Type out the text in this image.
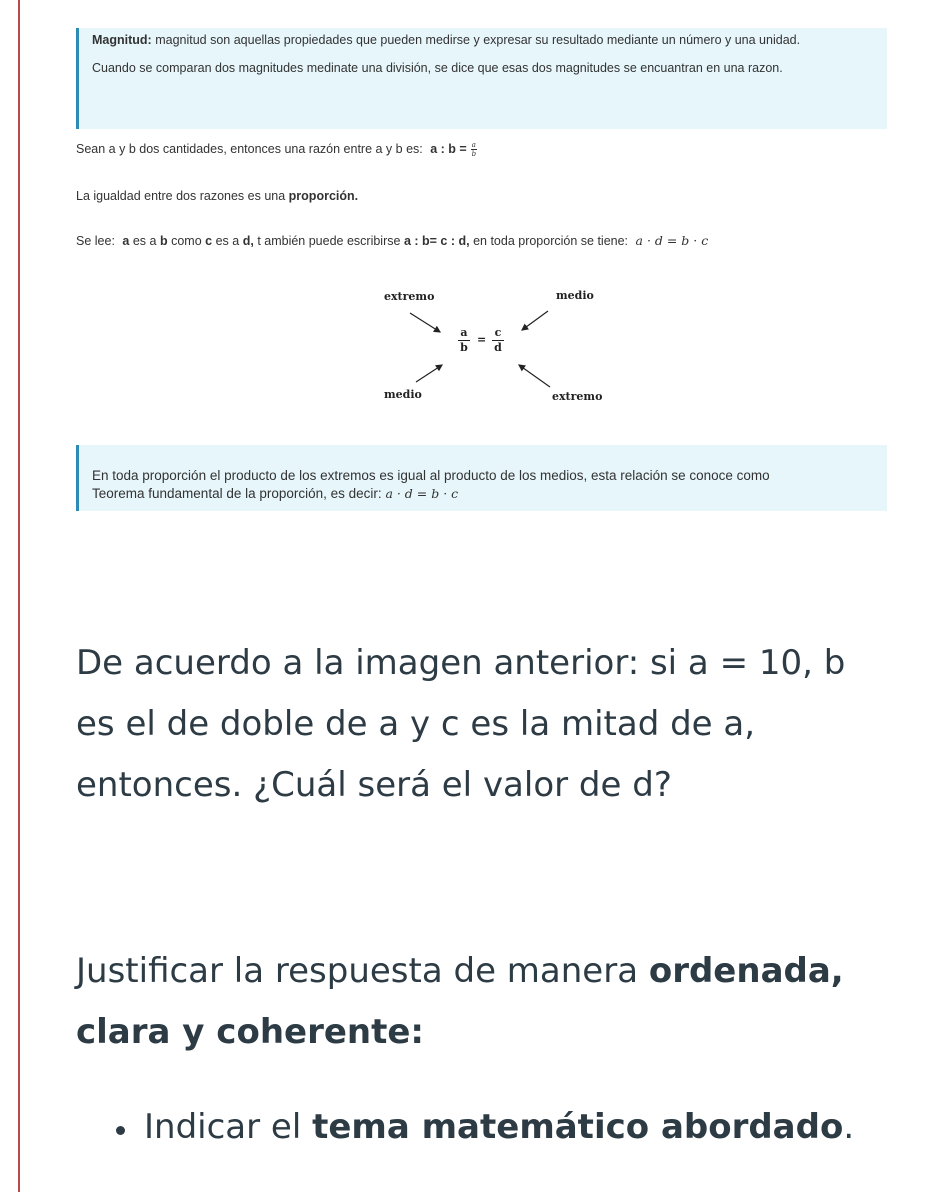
Magnitud: magnitud son aquellas propiedades que pueden medirse y expresar su resultado mediante un número y una unidad.

Cuando se comparan dos magnitudes medinate una división, se dice que esas dos magnitudes se encuantran en una razon.

Sean a y b dos cantidades, entonces una razón entre a y b es: a : $b = \frac{a}{b}$
La igualdad entre dos razones es una proporción.
Se lee: a es a b como c es a d, t ambién puede escribirse a : b= c : d, en toda proporción se tiene: a · d = b · c
extremo	medio
medio	extremo
a
b
=
c
d

En toda proporción el producto de los extremos es igual al producto de los medios, esta relación se conoce como

Teorema fundamental de la proporción, es decir: a · d = b · c

De acuerdo a la imagen anterior: si a = 10, b
es el de doble de a y c es la mitad de a,
entonces. ¿Cuál será el valor de d?

Justificar la respuesta de manera ordenada,
clara y coherente:

Indicar el tema matemático abordado.
